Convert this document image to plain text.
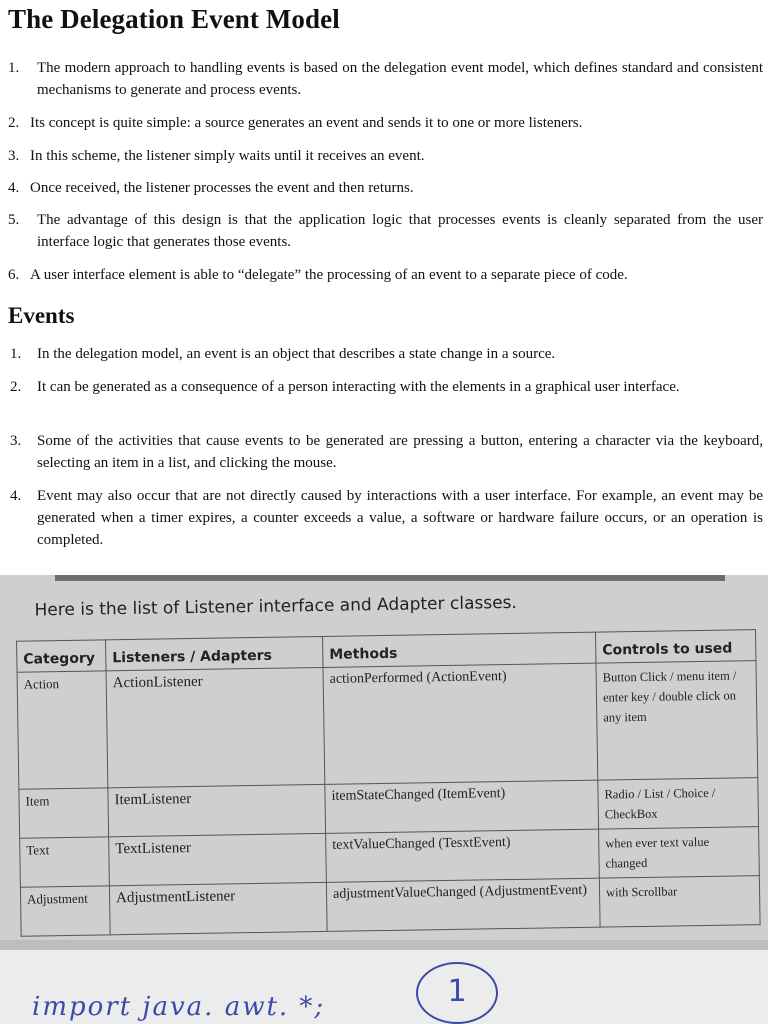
The Delegation Event Model
1. The modern approach to handling events is based on the delegation event model, which defines standard and consistent mechanisms to generate and process events.
2. Its concept is quite simple: a source generates an event and sends it to one or more listeners.
3. In this scheme, the listener simply waits until it receives an event.
4. Once received, the listener processes the event and then returns.
5. The advantage of this design is that the application logic that processes events is cleanly separated from the user interface logic that generates those events.
6. A user interface element is able to “delegate” the processing of an event to a separate piece of code.
Events
1. In the delegation model, an event is an object that describes a state change in a source.
2. It can be generated as a consequence of a person interacting with the elements in a graphical user interface.
3. Some of the activities that cause events to be generated are pressing a button, entering a character via the keyboard, selecting an item in a list, and clicking the mouse.
4. Event may also occur that are not directly caused by interactions with a user interface. For example, an event may be generated when a timer expires, a counter exceeds a value, a software or hardware failure occurs, or an operation is completed.
Here is the list of Listener interface and Adapter classes.
Category	Listeners / Adapters	Methods	Controls to used
Action	ActionListener	actionPerformed (ActionEvent)	Button Click / menu item / enter key / double click on any item
Item	ItemListener	itemStateChanged (ItemEvent)	Radio / List / Choice / CheckBox
Text	TextListener	textValueChanged (TesxtEvent)	when ever text value changed
Adjustment	AdjustmentListener	adjustmentValueChanged (AdjustmentEvent)	with Scrollbar
import java. awt. *;	1
